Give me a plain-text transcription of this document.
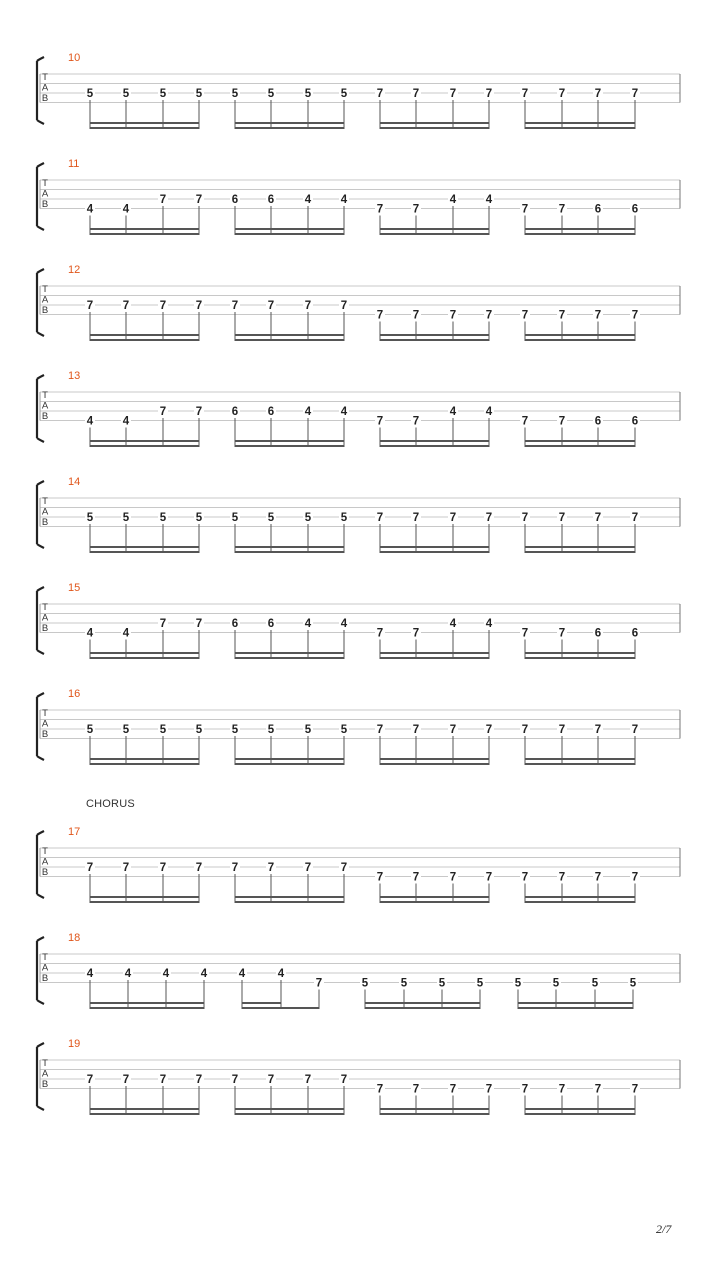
10
T
A
B	5	5	5	5	5	5	5	5	7	7	7	7	7	7	7	7
11
T
A
B	4	4
7	7	6	6	4	4
7	7
4	4
7	7	6	6
12
T
A
B	7	7	7	7	7	7	7	7
7	7	7	7	7	7	7	7
13
T
A
B	4	4
7	7	6	6	4	4
7	7
4	4
7	7	6	6
14
T
A
B	5	5	5	5	5	5	5	5	7	7	7	7	7	7	7	7
15
T
A
B	4	4
7	7	6	6	4	4
7	7
4	4
7	7	6	6
16
T
A
B	5	5	5	5	5	5	5	5	7	7	7	7	7	7	7	7
17
T
A
B	7	7	7	7	7	7	7	7
7	7	7	7	7	7	7	7
18
T
A
B	4	4	4	4	4	4
7	5	5	5	5	5	5	5	5
19
T
A
B	7	7	7	7	7	7	7	7
7	7	7	7	7	7	7	7
CHORUS
2/7
